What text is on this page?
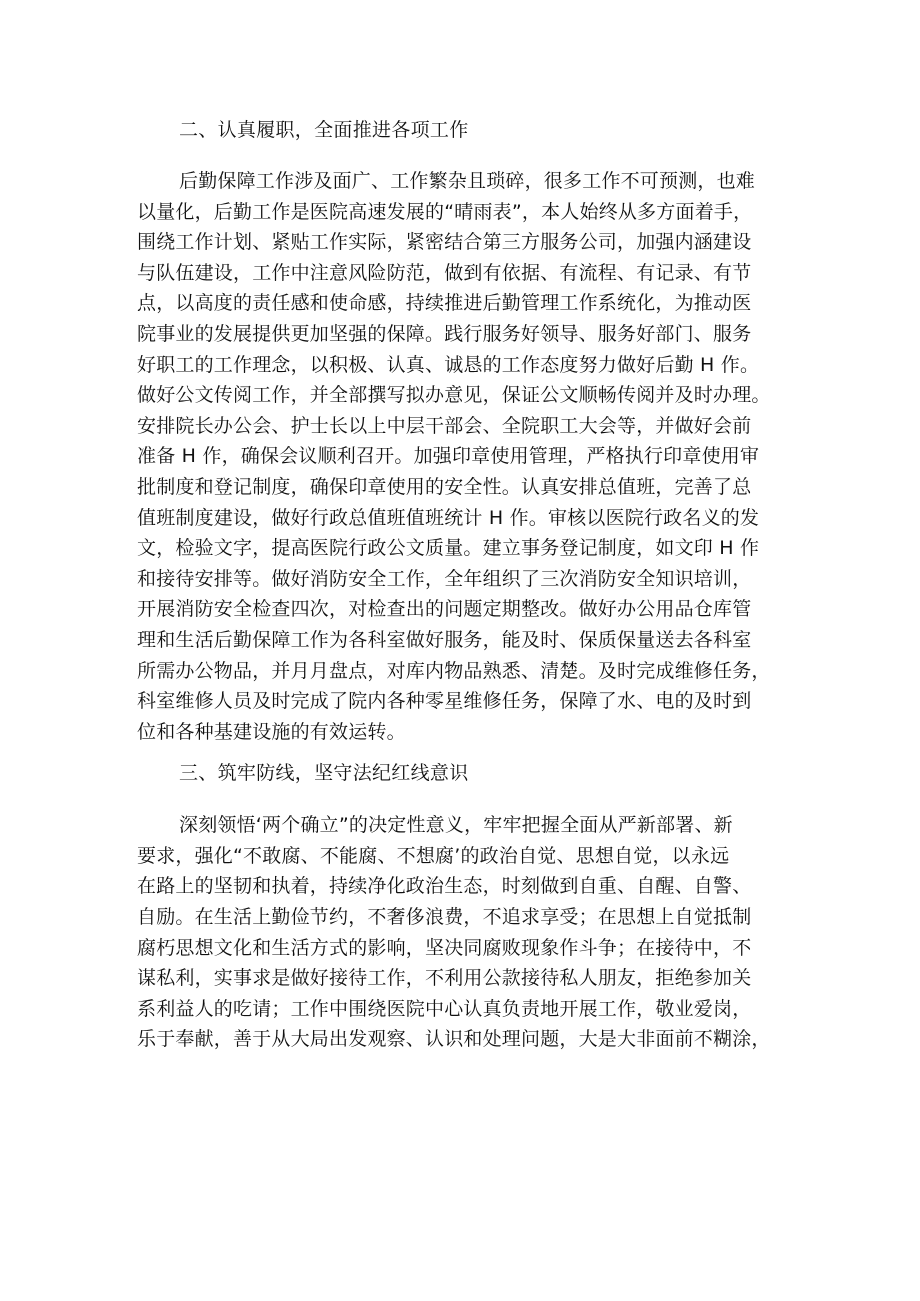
二、认真履职，全面推进各项工作
后勤保障工作涉及面广、工作繁杂且琐碎，很多工作不可预测，也难
以量化，后勤工作是医院高速发展的“晴雨表”，本人始终从多方面着手，
围绕工作计划、紧贴工作实际，紧密结合第三方服务公司，加强内涵建设
与队伍建设，工作中注意风险防范，做到有依据、有流程、有记录、有节
点，以高度的责任感和使命感，持续推进后勤管理工作系统化，为推动医
院事业的发展提供更加坚强的保障。践行服务好领导、服务好部门、服务
好职工的工作理念，以积极、认真、诚恳的工作态度努力做好后勤 H 作。
做好公文传阅工作，并全部撰写拟办意见，保证公文顺畅传阅并及时办理。
安排院长办公会、护士长以上中层干部会、全院职工大会等，并做好会前
准备 H 作，确保会议顺利召开。加强印章使用管理，严格执行印章使用审
批制度和登记制度，确保印章使用的安全性。认真安排总值班，完善了总
值班制度建设，做好行政总值班值班统计 H 作。审核以医院行政名义的发
文，检验文字，提高医院行政公文质量。建立事务登记制度，如文印 H 作
和接待安排等。做好消防安全工作，全年组织了三次消防安全知识培训，
开展消防安全检查四次，对检查出的问题定期整改。做好办公用品仓库管
理和生活后勤保障工作为各科室做好服务，能及时、保质保量送去各科室
所需办公物品，并月月盘点，对库内物品熟悉、清楚。及时完成维修任务，
科室维修人员及时完成了院内各种零星维修任务，保障了水、电的及时到
位和各种基建设施的有效运转。
三、筑牢防线，坚守法纪红线意识
深刻领悟‘两个确立”的决定性意义，牢牢把握全面从严新部署、新
要求，强化“不敢腐、不能腐、不想腐’的政治自觉、思想自觉，以永远
在路上的坚韧和执着，持续净化政治生态，时刻做到自重、自醒、自警、
自励。在生活上勤俭节约，不奢侈浪费，不追求享受；在思想上自觉抵制
腐朽思想文化和生活方式的影响，坚决同腐败现象作斗争；在接待中，不
谋私利，实事求是做好接待工作，不利用公款接待私人朋友，拒绝参加关
系利益人的吃请；工作中围绕医院中心认真负责地开展工作，敬业爱岗，
乐于奉献，善于从大局出发观察、认识和处理问题，大是大非面前不糊涂，
